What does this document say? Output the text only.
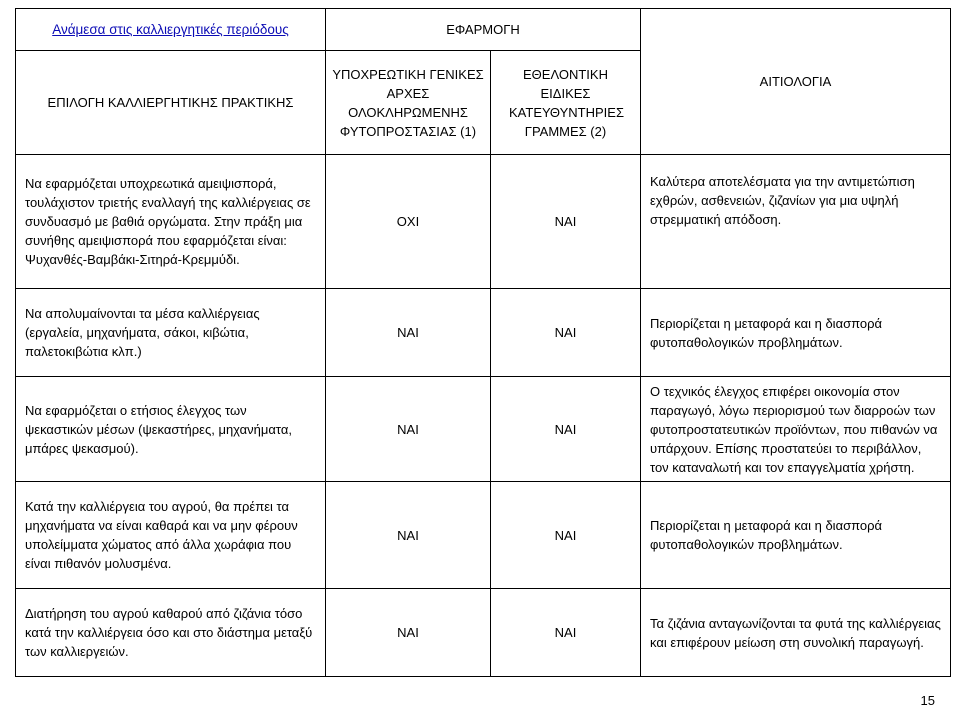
Ανάμεσα στις καλλιεργητικές περιόδους	ΕΦΑΡΜΟΓΗ		ΑΙΤΙΟΛΟΓΙΑ
ΕΠΙΛΟΓΗ ΚΑΛΛΙΕΡΓΗΤΙΚΗΣ ΠΡΑΚΤΙΚΗΣ	ΥΠΟΧΡΕΩΤΙΚΗ ΓΕΝΙΚΕΣ ΑΡΧΕΣ ΟΛΟΚΛΗΡΩΜΕΝΗΣ ΦΥΤΟΠΡΟΣΤΑΣΙΑΣ (1)	ΕΘΕΛΟΝΤΙΚΗ ΕΙΔΙΚΕΣ ΚΑΤΕΥΘΥΝΤΗΡΙΕΣ ΓΡΑΜΜΕΣ (2)	
Να εφαρμόζεται υποχρεωτικά αμειψισπορά, τουλάχιστον τριετής εναλλαγή της καλλιέργειας σε συνδυασμό με βαθιά οργώματα. Στην πράξη μια συνήθης αμειψισπορά που εφαρμόζεται είναι: Ψυχανθές-Βαμβάκι-Σιτηρά-Κρεμμύδι.	ΟΧΙ	ΝΑΙ	Καλύτερα αποτελέσματα για την αντιμετώπιση εχθρών, ασθενειών, ζιζανίων για μια υψηλή στρεμματική απόδοση.
Να απολυμαίνονται τα μέσα καλλιέργειας (εργαλεία, μηχανήματα, σάκοι, κιβώτια, παλετοκιβώτια κλπ.)	ΝΑΙ	ΝΑΙ	Περιορίζεται η μεταφορά και η διασπορά φυτοπαθολογικών προβλημάτων.
Να εφαρμόζεται ο ετήσιος έλεγχος των ψεκαστικών μέσων (ψεκαστήρες, μηχανήματα, μπάρες ψεκασμού).	ΝΑΙ	ΝΑΙ	Ο τεχνικός έλεγχος επιφέρει οικονομία στον παραγωγό, λόγω περιορισμού των διαρροών των φυτοπροστατευτικών προϊόντων, που πιθανών να υπάρχουν. Επίσης προστατεύει το περιβάλλον, τον καταναλωτή και τον επαγγελματία χρήστη.
Κατά την καλλιέργεια του αγρού, θα πρέπει τα μηχανήματα να είναι καθαρά και να μην φέρουν υπολείμματα χώματος από άλλα χωράφια που είναι πιθανόν μολυσμένα.	ΝΑΙ	ΝΑΙ	Περιορίζεται η μεταφορά και η διασπορά φυτοπαθολογικών προβλημάτων.
Διατήρηση του αγρού καθαρού από ζιζάνια τόσο κατά την καλλιέργεια όσο και στο διάστημα μεταξύ των καλλιεργειών.	ΝΑΙ	ΝΑΙ	Τα ζιζάνια ανταγωνίζονται τα φυτά της καλλιέργειας και επιφέρουν μείωση στη συνολική παραγωγή.
15
